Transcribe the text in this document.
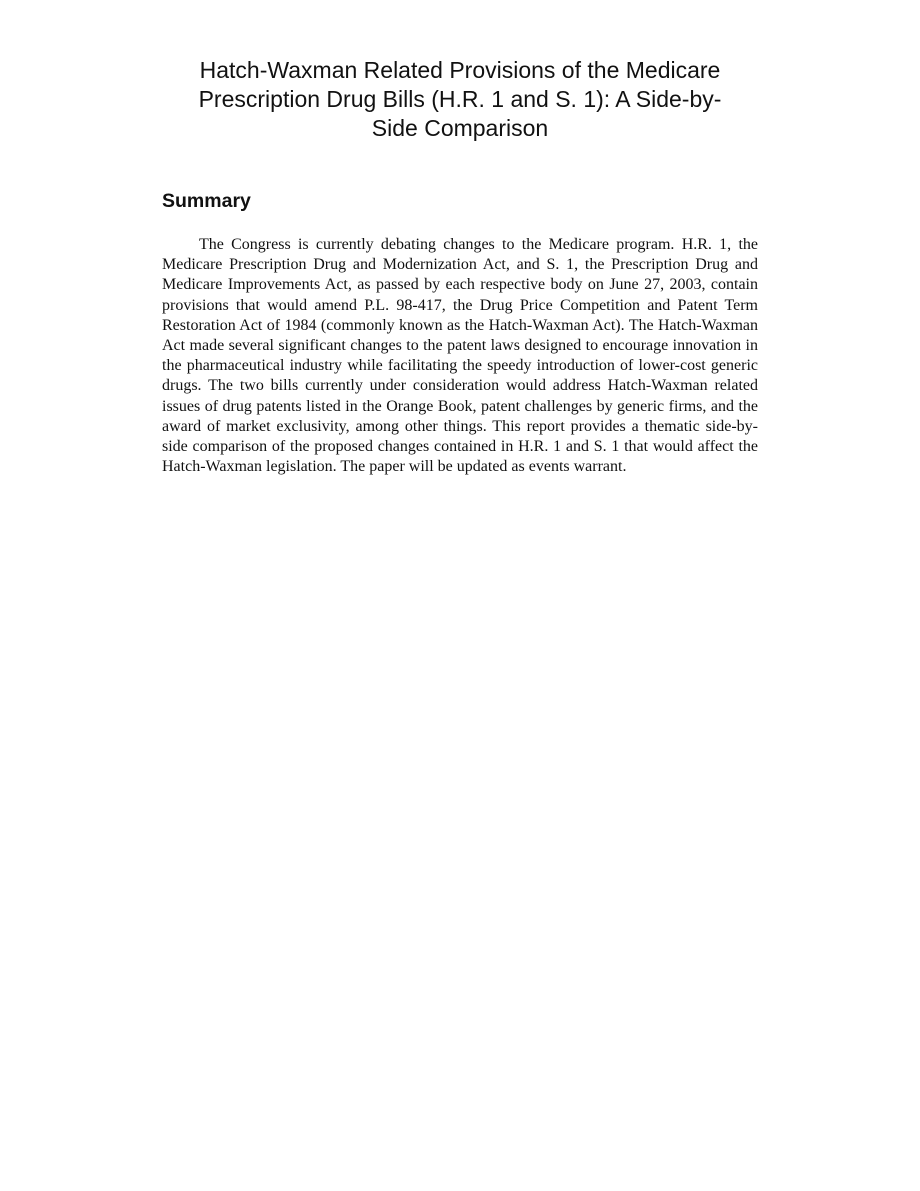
Hatch-Waxman Related Provisions of the Medicare
Prescription Drug Bills (H.R. 1 and S. 1): A Side-by-
Side Comparison
Summary

The Congress is currently debating changes to the Medicare program. H.R. 1, the Medicare Prescription Drug and Modernization Act, and S. 1, the Prescription Drug and Medicare Improvements Act, as passed by each respective body on June 27, 2003, contain provisions that would amend P.L. 98-417, the Drug Price Competition and Patent Term Restoration Act of 1984 (commonly known as the Hatch-Waxman Act). The Hatch-Waxman Act made several significant changes to the patent laws designed to encourage innovation in the pharmaceutical industry while facilitating the speedy introduction of lower-cost generic drugs. The two bills currently under consideration would address Hatch-Waxman related issues of drug patents listed in the Orange Book, patent challenges by generic firms, and the award of market exclusivity, among other things. This report provides a thematic side-by-side comparison of the proposed changes contained in H.R. 1 and S. 1 that would affect the Hatch-Waxman legislation. The paper will be updated as events warrant.
